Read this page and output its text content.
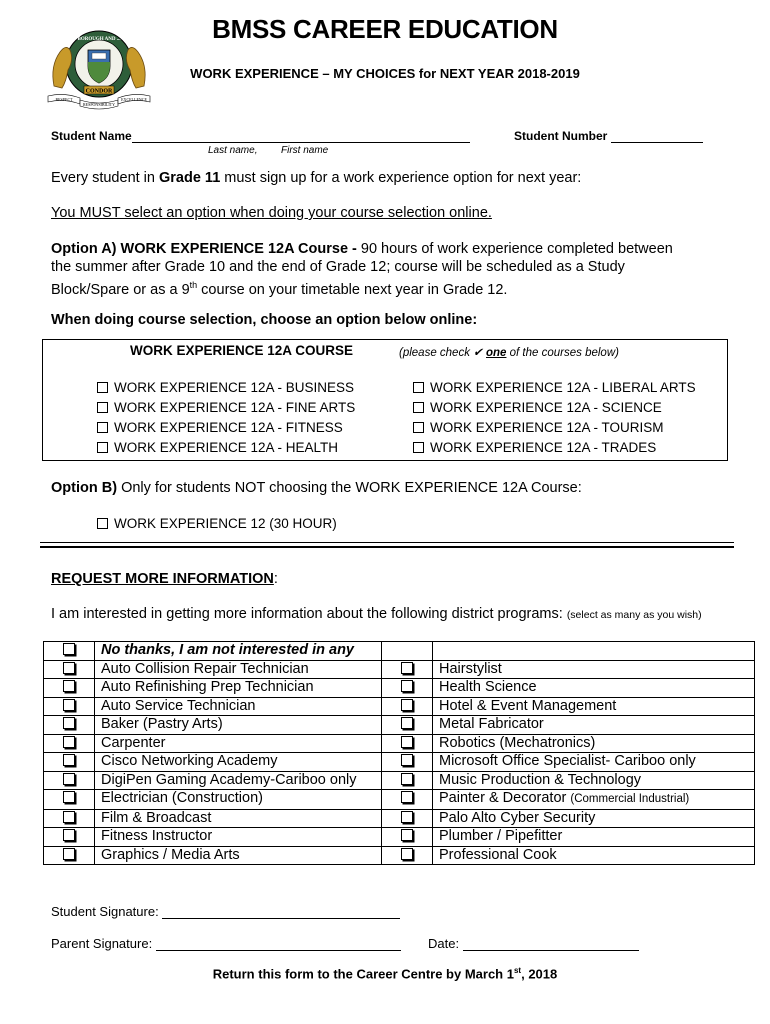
BOROUGH AND ...
CONDOR
RESPECT
RESPONSIBILITY
EXCELLENCE
BMSS CAREER EDUCATION
WORK EXPERIENCE – MY CHOICES for NEXT YEAR 2018-2019
Student Name
Last name, First name
Student Number
Every student in Grade 11 must sign up for a work experience option for next year:
You MUST select an option when doing your course selection online.
Option A) WORK EXPERIENCE 12A Course - 90 hours of work experience completed between
the summer after Grade 10 and the end of Grade 12; course will be scheduled as a Study
Block/Spare or as a 9th course on your timetable next year in Grade 12.
When doing course selection, choose an option below online:
WORK EXPERIENCE 12A COURSE	(please check ✔ one of the courses below)
WORK EXPERIENCE 12A - BUSINESS
WORK EXPERIENCE 12A - FINE ARTS
WORK EXPERIENCE 12A - FITNESS
WORK EXPERIENCE 12A - HEALTH
WORK EXPERIENCE 12A - LIBERAL ARTS
WORK EXPERIENCE 12A - SCIENCE
WORK EXPERIENCE 12A - TOURISM
WORK EXPERIENCE 12A - TRADES
Option B) Only for students NOT choosing the WORK EXPERIENCE 12A Course:
WORK EXPERIENCE 12 (30 HOUR)
REQUEST MORE INFORMATION:
I am interested in getting more information about the following district programs: (select as many as you wish)
	No thanks, I am not interested in any		
	Auto Collision Repair Technician		Hairstylist
	Auto Refinishing Prep Technician		Health Science
	Auto Service Technician		Hotel & Event Management
	Baker (Pastry Arts)		Metal Fabricator
	Carpenter		Robotics (Mechatronics)
	Cisco Networking Academy		Microsoft Office Specialist- Cariboo only
	DigiPen Gaming Academy-Cariboo only		Music Production & Technology
	Electrician (Construction)		Painter & Decorator (Commercial Industrial)
	Film & Broadcast		Palo Alto Cyber Security
	Fitness Instructor		Plumber / Pipefitter
	Graphics / Media Arts		Professional Cook
Student Signature:
Parent Signature:	Date:
Return this form to the Career Centre by March 1st, 2018
